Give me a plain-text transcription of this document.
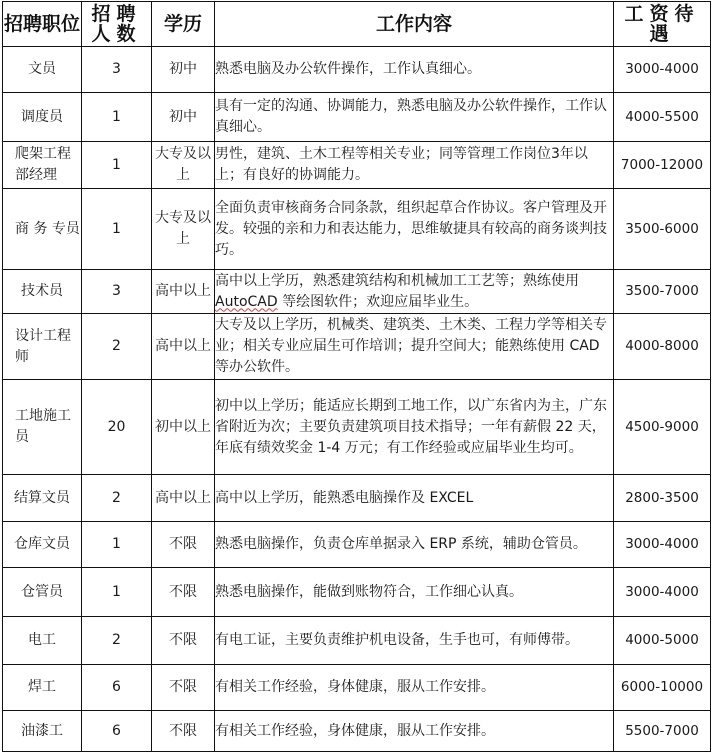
招聘职位	招聘人数	学历	工作内容	工资待遇
文员	3	初中	熟悉电脑及办公软件操作，工作认真细心。	3000-4000
调度员	1	初中	具有一定的沟通、协调能力，熟悉电脑及办公软件操作，工作认真细心。	4000-5500
爬架工程部经理	1	大专及以上	男性，建筑、土木工程等相关专业；同等管理工作岗位3年以上；有良好的协调能力。	7000-12000
商 务 专员	1	大专及以上	全面负责审核商务合同条款，组织起草合作协议。客户管理及开发。较强的亲和力和表达能力，思维敏捷具有较高的商务谈判技巧。	3500-6000
技术员	3	高中以上	高中以上学历，熟悉建筑结构和机械加工工艺等；熟练使用 AutoCAD 等绘图软件；欢迎应届毕业生。	3500-7000
设计工程师	2	高中以上	大专及以上学历，机械类、建筑类、土木类、工程力学等相关专业；相关专业应届生可作培训；提升空间大；能熟练使用 CAD 等办公软件。	4000-8000
工地施工员	20	初中以上	初中以上学历；能适应长期到工地工作，以广东省内为主，广东省附近为次；主要负责建筑项目技术指导；一年有薪假 22 天，年底有绩效奖金 1-4 万元；有工作经验或应届毕业生均可。	4500-9000
结算文员	2	高中以上	高中以上学历，能熟悉电脑操作及 EXCEL	2800-3500
仓库文员	1	不限	熟悉电脑操作，负责仓库单据录入 ERP 系统，辅助仓管员。	3000-4000
仓管员	1	不限	熟悉电脑操作，能做到账物符合，工作细心认真。	3000-4000
电工	2	不限	有电工证，主要负责维护机电设备，生手也可，有师傅带。	4000-5000
焊工	6	不限	有相关工作经验，身体健康，服从工作安排。	6000-10000
油漆工	6	不限	有相关工作经验，身体健康，服从工作安排。	5500-7000
